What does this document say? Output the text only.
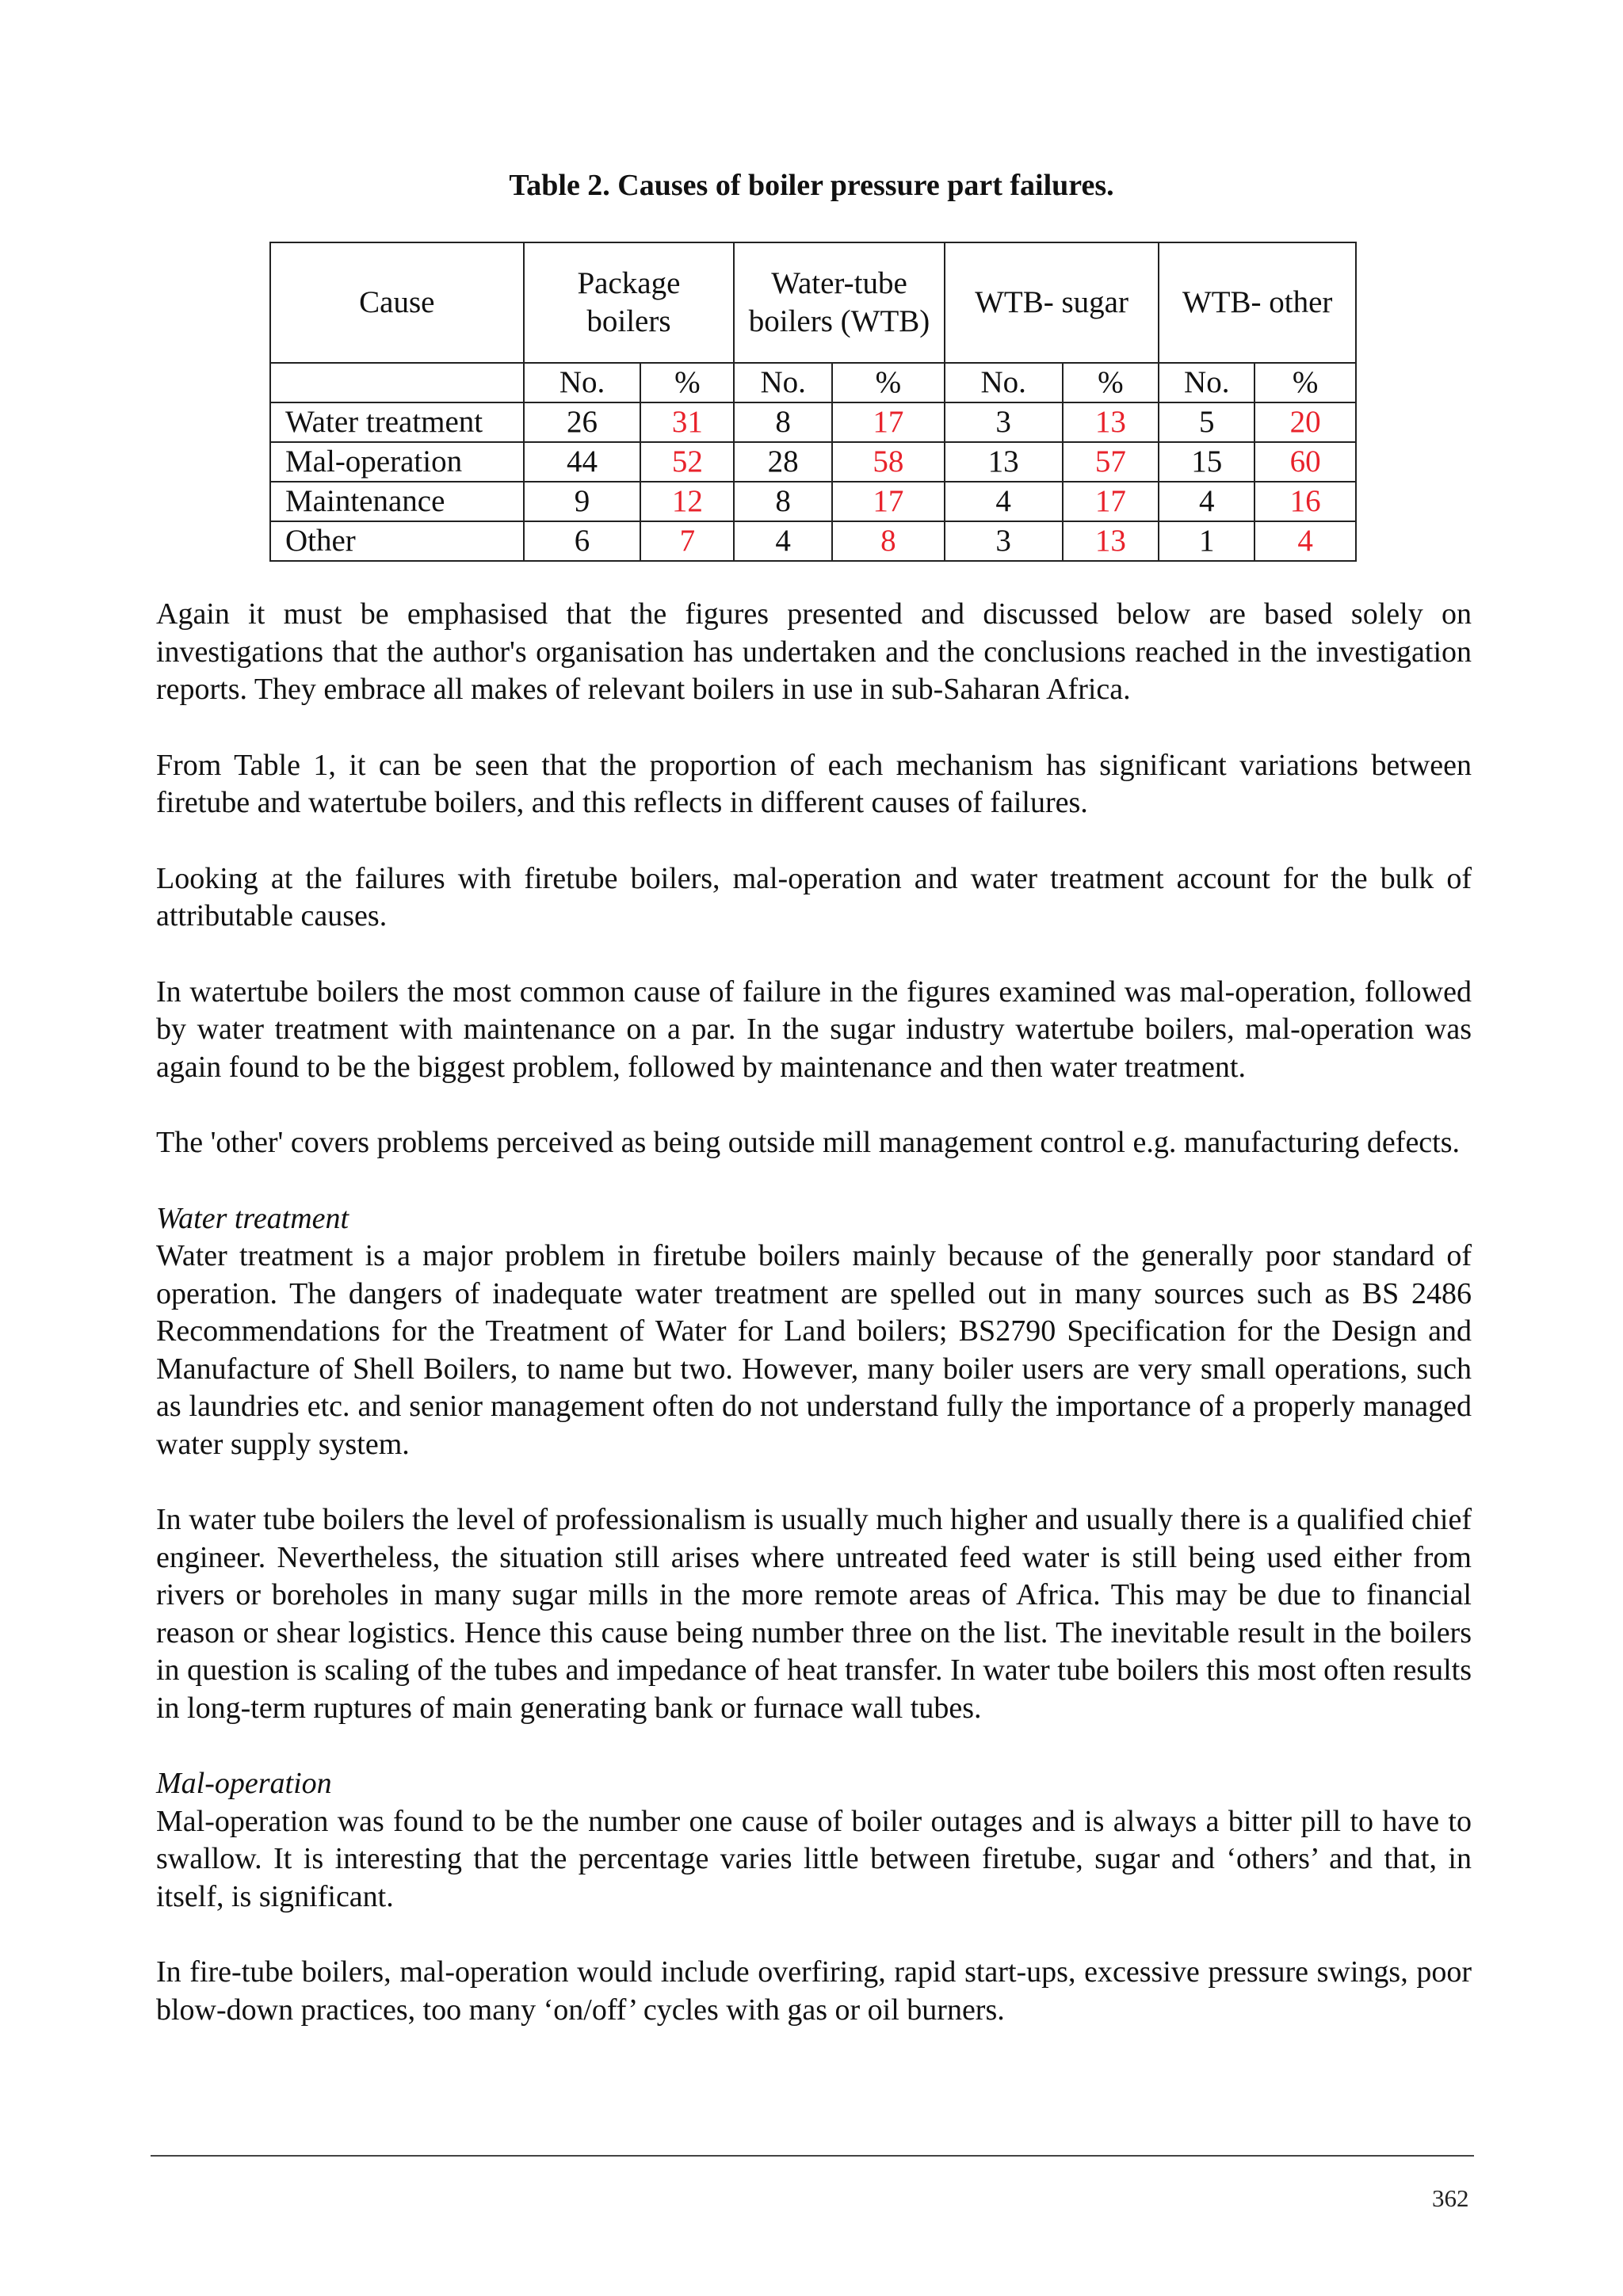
Table 2. Causes of boiler pressure part failures.
Cause	Package boilers		Water-tube boilers (WTB)		WTB- sugar		WTB- other	
	No.	%	No.	%	No.	%	No.	%
Water treatment	26	31	8	17	3	13	5	20
Mal-operation	44	52	28	58	13	57	15	60
Maintenance	9	12	8	17	4	17	4	16
Other	6	7	4	8	3	13	1	4

Again it must be emphasised that the figures presented and discussed below are based solely on investigations that the author's organisation has undertaken and the conclusions reached in the investigation reports. They embrace all makes of relevant boilers in use in sub-Saharan Africa.

From Table 1, it can be seen that the proportion of each mechanism has significant variations between firetube and watertube boilers, and this reflects in different causes of failures.

Looking at the failures with firetube boilers, mal-operation and water treatment account for the bulk of attributable causes.

In watertube boilers the most common cause of failure in the figures examined was mal-operation, followed by water treatment with maintenance on a par. In the sugar industry watertube boilers, mal-operation was again found to be the biggest problem, followed by maintenance and then water treatment.

The 'other' covers problems perceived as being outside mill management control e.g. manufacturing defects.

Water treatment

Water treatment is a major problem in firetube boilers mainly because of the generally poor standard of operation. The dangers of inadequate water treatment are spelled out in many sources such as BS 2486 Recommendations for the Treatment of Water for Land boilers; BS2790 Specification for the Design and Manufacture of Shell Boilers, to name but two. However, many boiler users are very small operations, such as laundries etc. and senior management often do not understand fully the importance of a properly managed water supply system.

In water tube boilers the level of professionalism is usually much higher and usually there is a qualified chief engineer. Nevertheless, the situation still arises where untreated feed water is still being used either from rivers or boreholes in many sugar mills in the more remote areas of Africa. This may be due to financial reason or shear logistics. Hence this cause being number three on the list. The inevitable result in the boilers in question is scaling of the tubes and impedance of heat transfer. In water tube boilers this most often results in long-term ruptures of main generating bank or furnace wall tubes.

Mal-operation

Mal-operation was found to be the number one cause of boiler outages and is always a bitter pill to have to swallow. It is interesting that the percentage varies little between firetube, sugar and ‘others’ and that, in itself, is significant.

In fire-tube boilers, mal-operation would include overfiring, rapid start-ups, excessive pressure swings, poor blow-down practices, too many ‘on/off’ cycles with gas or oil burners.

362
